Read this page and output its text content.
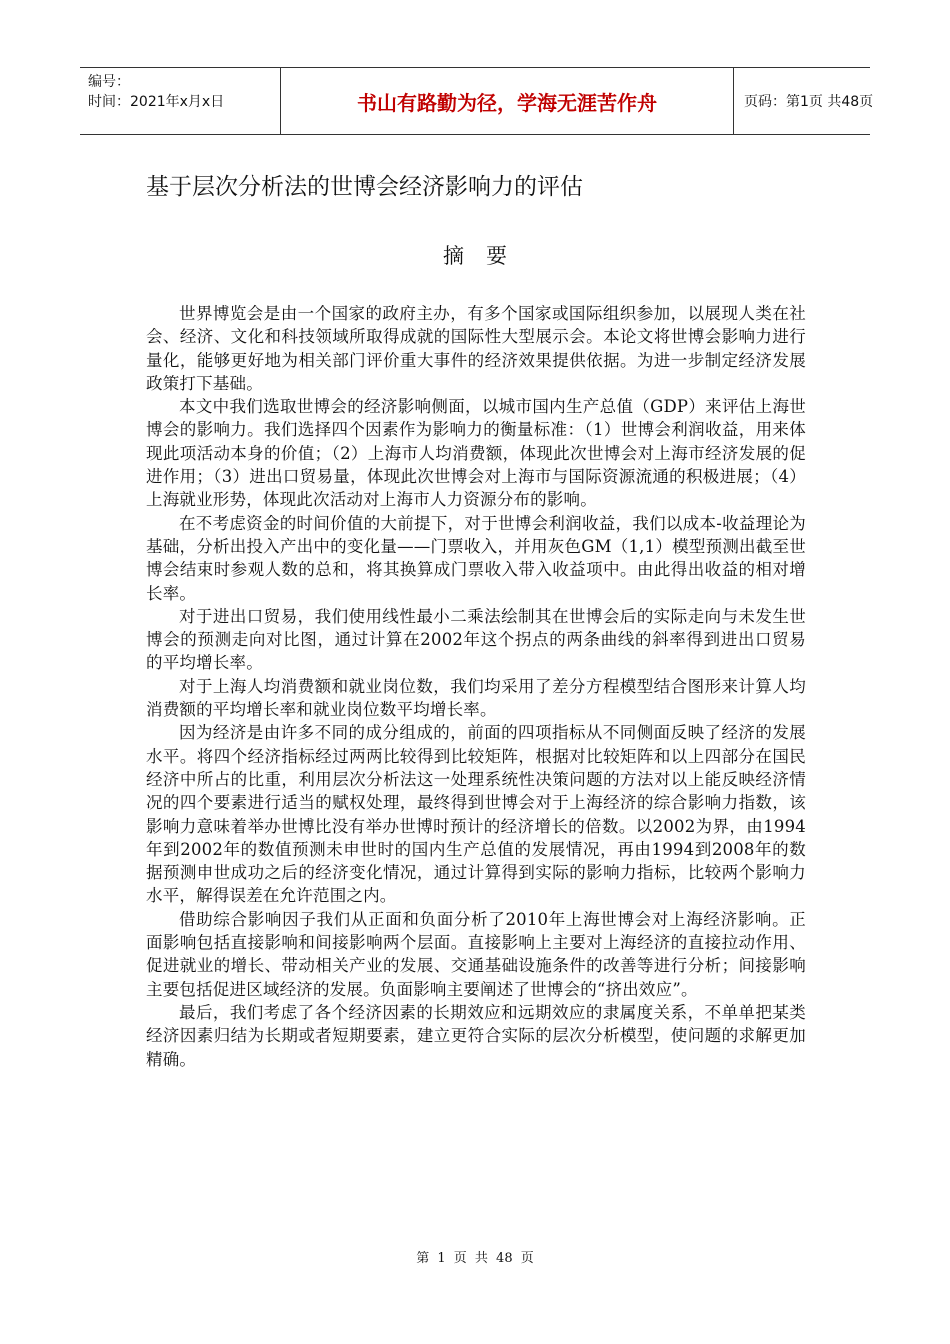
编号：
时间：2021年x月x日	书山有路勤为径，学海无涯苦作舟	页码：第1页 共48页
基于层次分析法的世博会经济影响力的评估
摘要

世界博览会是由一个国家的政府主办，有多个国家或国际组织参加，以展现人类在社会、经济、文化和科技领域所取得成就的国际性大型展示会。本论文将世博会影响力进行量化，能够更好地为相关部门评价重大事件的经济效果提供依据。为进一步制定经济发展政策打下基础。

本文中我们选取世博会的经济影响侧面，以城市国内生产总值（GDP）来评估上海世博会的影响力。我们选择四个因素作为影响力的衡量标准：（1）世博会利润收益，用来体现此项活动本身的价值；（2）上海市人均消费额，体现此次世博会对上海市经济发展的促进作用；（3）进出口贸易量，体现此次世博会对上海市与国际资源流通的积极进展；（4）上海就业形势，体现此次活动对上海市人力资源分布的影响。

在不考虑资金的时间价值的大前提下，对于世博会利润收益，我们以成本-收益理论为基础，分析出投入产出中的变化量——门票收入，并用灰色GM（1,1）模型预测出截至世博会结束时参观人数的总和，将其换算成门票收入带入收益项中。由此得出收益的相对增长率。

对于进出口贸易，我们使用线性最小二乘法绘制其在世博会后的实际走向与未发生世博会的预测走向对比图，通过计算在2002年这个拐点的两条曲线的斜率得到进出口贸易的平均增长率。

对于上海人均消费额和就业岗位数，我们均采用了差分方程模型结合图形来计算人均消费额的平均增长率和就业岗位数平均增长率。

因为经济是由许多不同的成分组成的，前面的四项指标从不同侧面反映了经济的发展水平。将四个经济指标经过两两比较得到比较矩阵，根据对比较矩阵和以上四部分在国民经济中所占的比重，利用层次分析法这一处理系统性决策问题的方法对以上能反映经济情况的四个要素进行适当的赋权处理，最终得到世博会对于上海经济的综合影响力指数，该影响力意味着举办世博比没有举办世博时预计的经济增长的倍数。以2002为界，由1994年到2002年的数值预测未申世时的国内生产总值的发展情况，再由1994到2008年的数据预测申世成功之后的经济变化情况，通过计算得到实际的影响力指标，比较两个影响力水平，解得误差在允许范围之内。

借助综合影响因子我们从正面和负面分析了2010年上海世博会对上海经济影响。正面影响包括直接影响和间接影响两个层面。直接影响上主要对上海经济的直接拉动作用、促进就业的增长、带动相关产业的发展、交通基础设施条件的改善等进行分析；间接影响主要包括促进区域经济的发展。负面影响主要阐述了世博会的“挤出效应”。

最后，我们考虑了各个经济因素的长期效应和远期效应的隶属度关系，不单单把某类经济因素归结为长期或者短期要素，建立更符合实际的层次分析模型，使问题的求解更加精确。

第 1 页 共 48 页
